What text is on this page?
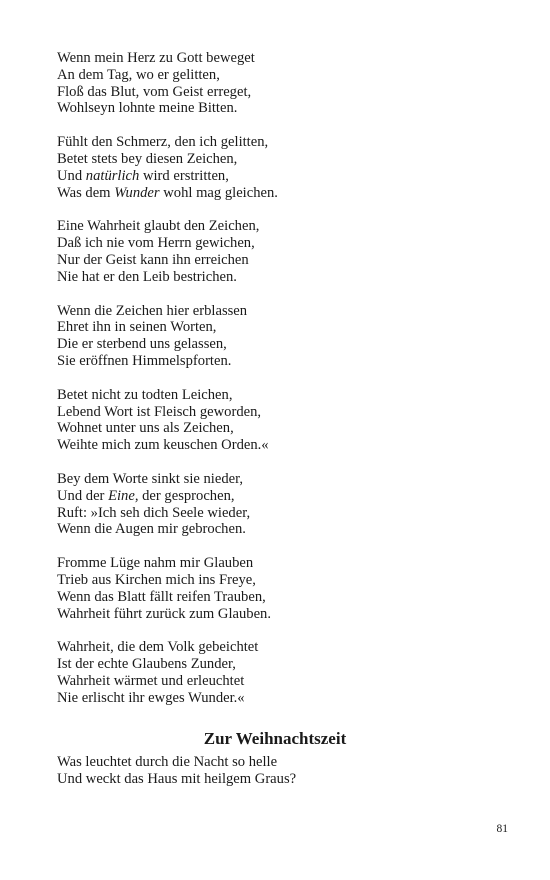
Wenn mein Herz zu Gott beweget
An dem Tag, wo er gelitten,
Floß das Blut, vom Geist erreget,
Wohlseyn lohnte meine Bitten.
Fühlt den Schmerz, den ich gelitten,
Betet stets bey diesen Zeichen,
Und natürlich wird erstritten,
Was dem Wunder wohl mag gleichen.
Eine Wahrheit glaubt den Zeichen,
Daß ich nie vom Herrn gewichen,
Nur der Geist kann ihn erreichen
Nie hat er den Leib bestrichen.
Wenn die Zeichen hier erblassen
Ehret ihn in seinen Worten,
Die er sterbend uns gelassen,
Sie eröffnen Himmelspforten.
Betet nicht zu todten Leichen,
Lebend Wort ist Fleisch geworden,
Wohnet unter uns als Zeichen,
Weihte mich zum keuschen Orden.«
Bey dem Worte sinkt sie nieder,
Und der Eine, der gesprochen,
Ruft: »Ich seh dich Seele wieder,
Wenn die Augen mir gebrochen.
Fromme Lüge nahm mir Glauben
Trieb aus Kirchen mich ins Freye,
Wenn das Blatt fällt reifen Trauben,
Wahrheit führt zurück zum Glauben.
Wahrheit, die dem Volk gebeichtet
Ist der echte Glaubens Zunder,
Wahrheit wärmet und erleuchtet
Nie erlischt ihr ewges Wunder.«
Zur Weihnachtszeit
Was leuchtet durch die Nacht so helle
Und weckt das Haus mit heilgem Graus?
81
